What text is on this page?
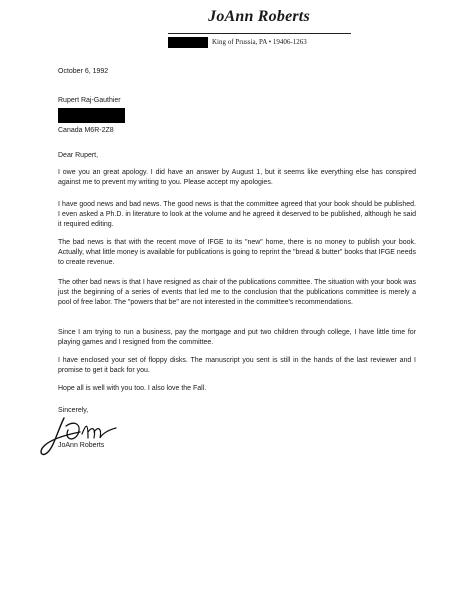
JoAnn Roberts
King of Prussia, PA • 19406-1263
October 6, 1992
Rupert Raj-Gauthier
Canada M6R-2Z8
Dear Rupert,
I owe you an great apology. I did have an answer by August 1, but it seems like everything else has conspired against me to prevent my writing to you. Please accept my apologies.
I have good news and bad news. The good news is that the committee agreed that your book should be published. I even asked a Ph.D. in literature to look at the volume and he agreed it deserved to be published, although he said it required editing.
The bad news is that with the recent move of IFGE to its "new" home, there is no money to publish your book. Actually, what little money is available for publications is going to reprint the "bread & butter" books that IFGE needs to create revenue.
The other bad news is that I have resigned as chair of the publications committee. The situation with your book was just the beginning of a series of events that led me to the conclusion that the publications committee is merely a pool of free labor. The "powers that be" are not interested in the committee's recommendations.
Since I am trying to run a business, pay the mortgage and put two children through college, I have little time for playing games and I resigned from the committee.
I have enclosed your set of floppy disks. The manuscript you sent is still in the hands of the last reviewer and I promise to get it back for you.
Hope all is well with you too. I also love the Fall.
Sincerely,
JoAnn Roberts
